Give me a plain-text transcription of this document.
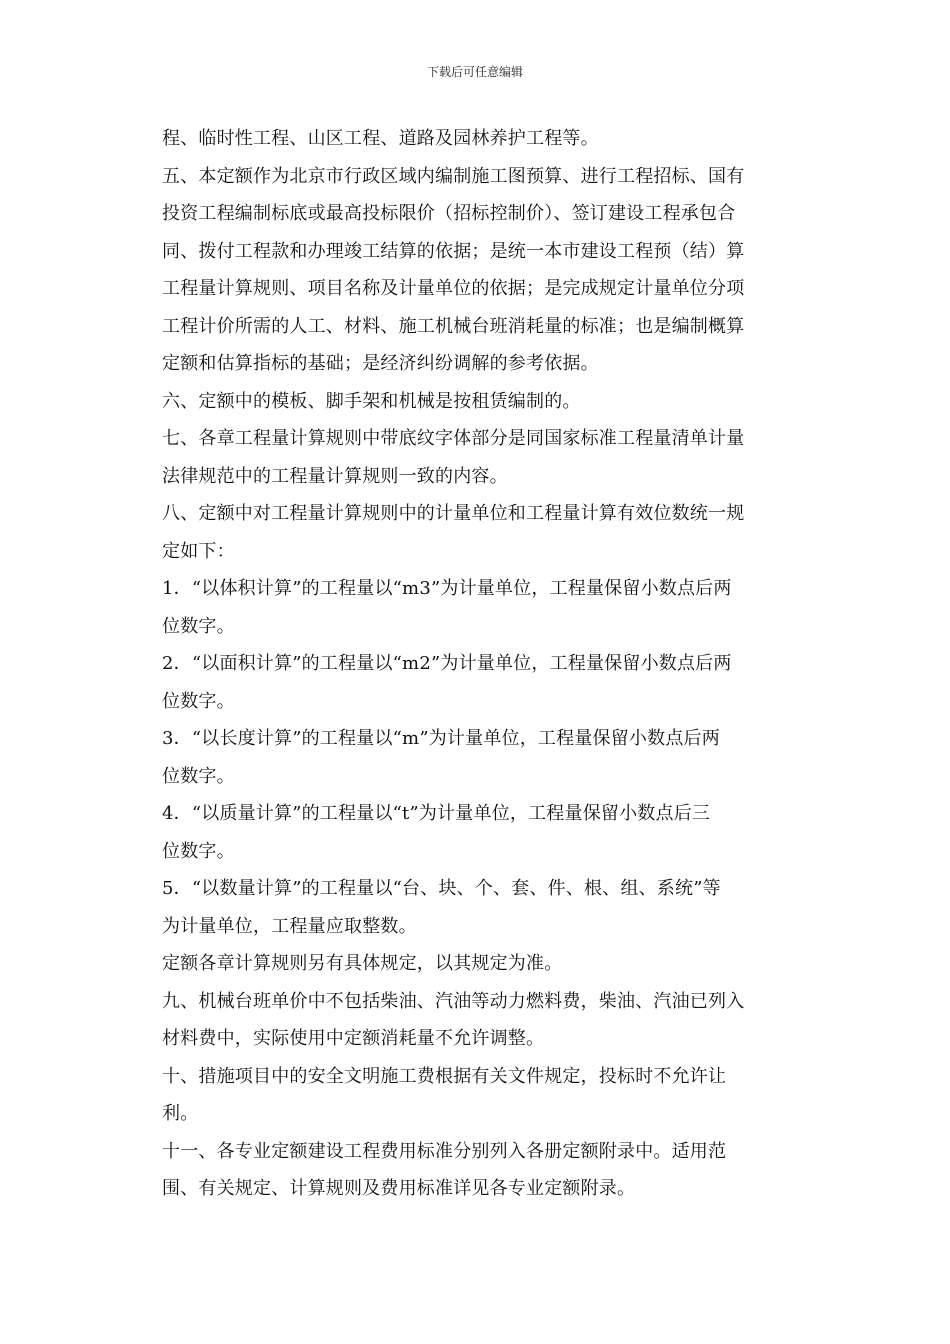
下载后可任意编辑
程、临时性工程、山区工程、道路及园林养护工程等。
五、本定额作为北京市行政区域内编制施工图预算、进行工程招标、国有
投资工程编制标底或最高投标限价（招标控制价）、签订建设工程承包合
同、拨付工程款和办理竣工结算的依据；是统一本市建设工程预（结）算
工程量计算规则、项目名称及计量单位的依据；是完成规定计量单位分项
工程计价所需的人工、材料、施工机械台班消耗量的标准；也是编制概算
定额和估算指标的基础；是经济纠纷调解的参考依据。
六、定额中的模板、脚手架和机械是按租赁编制的。
七、各章工程量计算规则中带底纹字体部分是同国家标准工程量清单计量
法律规范中的工程量计算规则一致的内容。
八、定额中对工程量计算规则中的计量单位和工程量计算有效位数统一规
定如下：
1．“以体积计算”的工程量以“m3”为计量单位，工程量保留小数点后两
位数字。
2．“以面积计算”的工程量以“m2”为计量单位，工程量保留小数点后两
位数字。
3．“以长度计算”的工程量以“m”为计量单位，工程量保留小数点后两
位数字。
4．“以质量计算”的工程量以“t”为计量单位，工程量保留小数点后三
位数字。
5．“以数量计算”的工程量以“台、块、个、套、件、根、组、系统”等
为计量单位，工程量应取整数。
定额各章计算规则另有具体规定，以其规定为准。
九、机械台班单价中不包括柴油、汽油等动力燃料费，柴油、汽油已列入
材料费中，实际使用中定额消耗量不允许调整。
十、措施项目中的安全文明施工费根据有关文件规定，投标时不允许让
利。
十一、各专业定额建设工程费用标准分别列入各册定额附录中。适用范
围、有关规定、计算规则及费用标准详见各专业定额附录。
